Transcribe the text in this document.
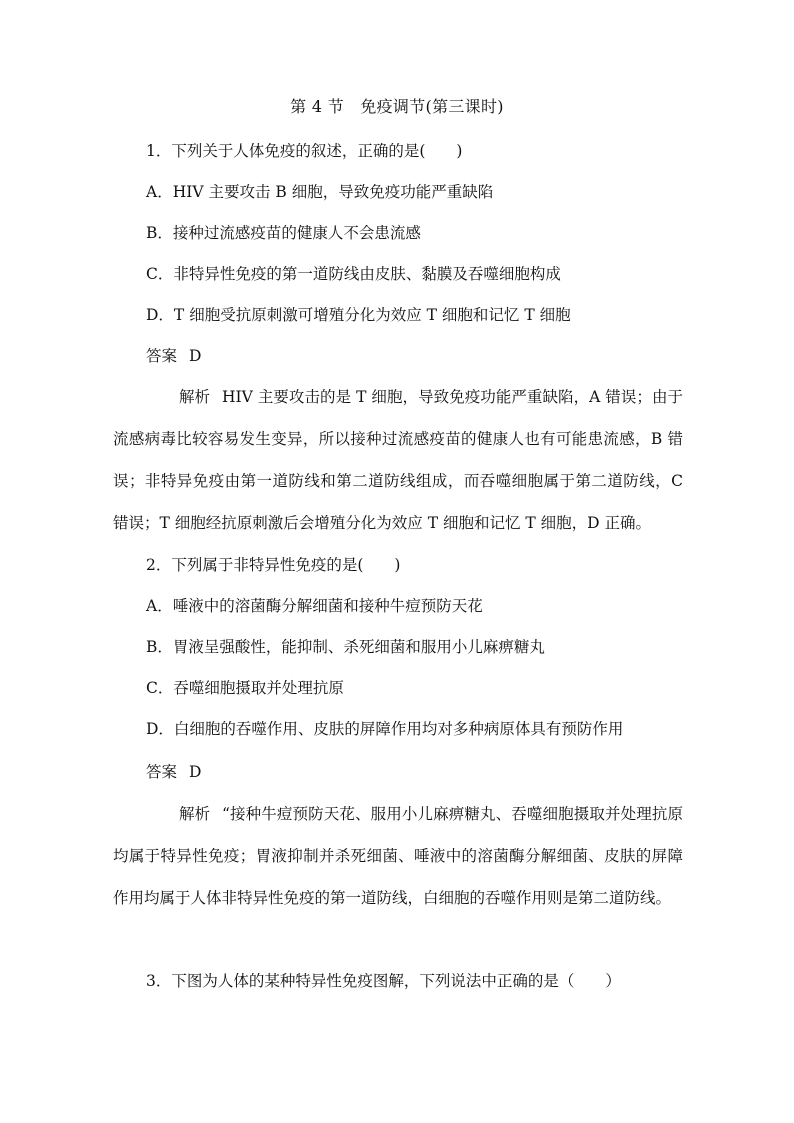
第 4 节　免疫调节(第三课时)
1．下列关于人体免疫的叙述，正确的是(　　)
A．HIV 主要攻击 B 细胞，导致免疫功能严重缺陷
B．接种过流感疫苗的健康人不会患流感
C．非特异性免疫的第一道防线由皮肤、黏膜及吞噬细胞构成
D．T 细胞受抗原刺激可增殖分化为效应 T 细胞和记忆 T 细胞
答案 D
解析 HIV 主要攻击的是 T 细胞，导致免疫功能严重缺陷，A 错误；由于流感病毒比较容易发生变异，所以接种过流感疫苗的健康人也有可能患流感，B 错误；非特异免疫由第一道防线和第二道防线组成，而吞噬细胞属于第二道防线，C 错误；T 细胞经抗原刺激后会增殖分化为效应 T 细胞和记忆 T 细胞，D 正确。
2．下列属于非特异性免疫的是(　　)
A．唾液中的溶菌酶分解细菌和接种牛痘预防天花
B．胃液呈强酸性，能抑制、杀死细菌和服用小儿麻痹糖丸
C．吞噬细胞摄取并处理抗原
D．白细胞的吞噬作用、皮肤的屏障作用均对多种病原体具有预防作用
答案 D
解析 “接种牛痘预防天花、服用小儿麻痹糖丸、吞噬细胞摄取并处理抗原均属于特异性免疫；胃液抑制并杀死细菌、唾液中的溶菌酶分解细菌、皮肤的屏障作用均属于人体非特异性免疫的第一道防线，白细胞的吞噬作用则是第二道防线。
3．下图为人体的某种特异性免疫图解，下列说法中正确的是（　　）
